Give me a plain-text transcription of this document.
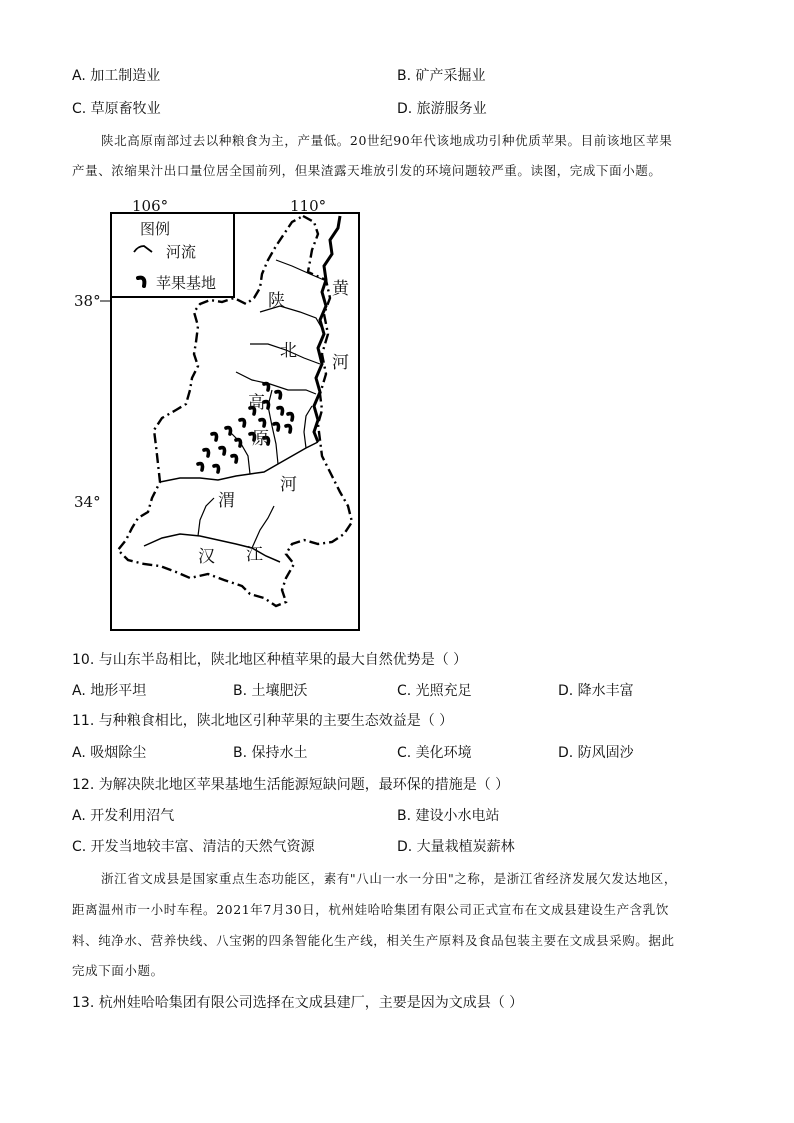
A. 加工制造业	B. 矿产采掘业
C. 草原畜牧业	D. 旅游服务业
陕北高原南部过去以种粮食为主，产量低。20世纪90年代该地成功引种优质苹果。目前该地区苹果
产量、浓缩果汁出口量位居全国前列，但果渣露天堆放引发的环境问题较严重。读图，完成下面小题。
106°	110°
38°
34°
图例
河流
苹果基地
陕
北
高
原
黄
河
渭
河
汉 江
10. 与山东半岛相比，陕北地区种植苹果的最大自然优势是（ ）
A. 地形平坦	B. 土壤肥沃	C. 光照充足	D. 降水丰富
11. 与种粮食相比，陕北地区引种苹果的主要生态效益是（ ）
A. 吸烟除尘	B. 保持水土	C. 美化环境	D. 防风固沙
12. 为解决陕北地区苹果基地生活能源短缺问题，最环保的措施是（ ）
A. 开发利用沼气	B. 建设小水电站
C. 开发当地较丰富、清洁的天然气资源	D. 大量栽植炭薪林
浙江省文成县是国家重点生态功能区，素有"八山一水一分田"之称，是浙江省经济发展欠发达地区，
距离温州市一小时车程。2021年7月30日，杭州娃哈哈集团有限公司正式宣布在文成县建设生产含乳饮
料、纯净水、营养快线、八宝粥的四条智能化生产线，相关生产原料及食品包装主要在文成县采购。据此
完成下面小题。
13. 杭州娃哈哈集团有限公司选择在文成县建厂，主要是因为文成县（ ）
